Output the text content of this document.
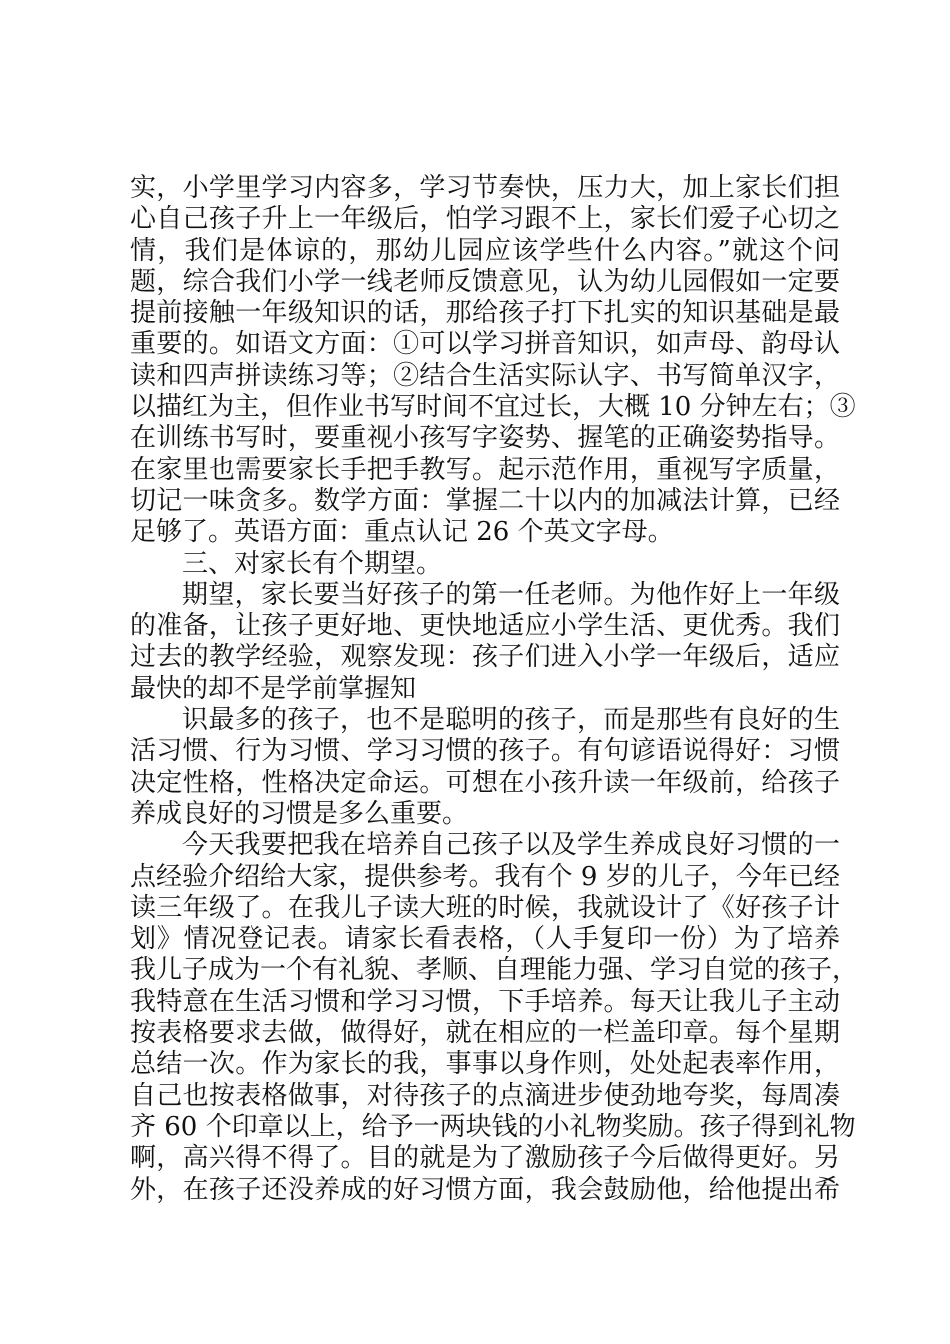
实，小学里学习内容多，学习节奏快，压力大，加上家长们担
心自己孩子升上一年级后，怕学习跟不上，家长们爱子心切之
情，我们是体谅的，那幼儿园应该学些什么内容。”就这个问
题，综合我们小学一线老师反馈意见，认为幼儿园假如一定要
提前接触一年级知识的话，那给孩子打下扎实的知识基础是最
重要的。如语文方面：①可以学习拼音知识，如声母、韵母认
读和四声拼读练习等；②结合生活实际认字、书写简单汉字，
以描红为主，但作业书写时间不宜过长，大概 10 分钟左右；③
在训练书写时，要重视小孩写字姿势、握笔的正确姿势指导。
在家里也需要家长手把手教写。起示范作用，重视写字质量，
切记一味贪多。数学方面：掌握二十以内的加减法计算，已经
足够了。英语方面：重点认记 26 个英文字母。
三、对家长有个期望。
期望，家长要当好孩子的第一任老师。为他作好上一年级
的准备，让孩子更好地、更快地适应小学生活、更优秀。我们
过去的教学经验，观察发现：孩子们进入小学一年级后，适应
最快的却不是学前掌握知
识最多的孩子，也不是聪明的孩子，而是那些有良好的生
活习惯、行为习惯、学习习惯的孩子。有句谚语说得好：习惯
决定性格，性格决定命运。可想在小孩升读一年级前，给孩子
养成良好的习惯是多么重要。
今天我要把我在培养自己孩子以及学生养成良好习惯的一
点经验介绍给大家，提供参考。我有个 9 岁的儿子，今年已经
读三年级了。在我儿子读大班的时候，我就设计了《好孩子计
划》情况登记表。请家长看表格，（人手复印一份）为了培养
我儿子成为一个有礼貌、孝顺、自理能力强、学习自觉的孩子，
我特意在生活习惯和学习习惯，下手培养。每天让我儿子主动
按表格要求去做，做得好，就在相应的一栏盖印章。每个星期
总结一次。作为家长的我，事事以身作则，处处起表率作用，
自己也按表格做事，对待孩子的点滴进步使劲地夸奖，每周凑
齐 60 个印章以上，给予一两块钱的小礼物奖励。孩子得到礼物
啊，高兴得不得了。目的就是为了激励孩子今后做得更好。另
外，在孩子还没养成的好习惯方面，我会鼓励他，给他提出希
